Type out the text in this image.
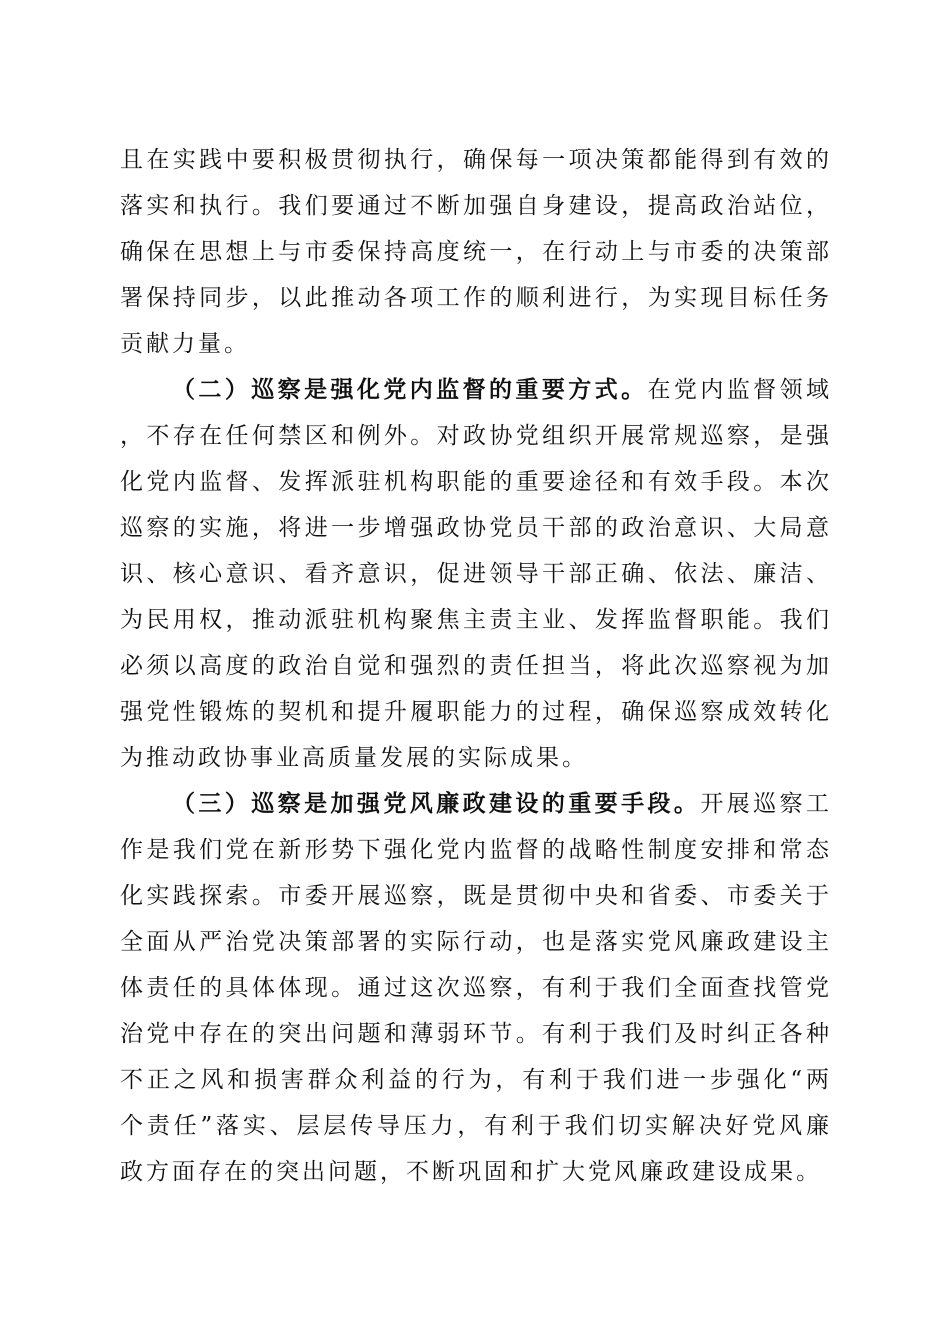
且在实践中要积极贯彻执行，确保每一项决策都能得到有效的落实和执行。我们要通过不断加强自身建设，提高政治站位，确保在思想上与市委保持高度统一，在行动上与市委的决策部署保持同步，以此推动各项工作的顺利进行，为实现目标任务贡献力量。

（二）巡察是强化党内监督的重要方式。在党内监督领域，不存在任何禁区和例外。对政协党组织开展常规巡察，是强化党内监督、发挥派驻机构职能的重要途径和有效手段。本次巡察的实施，将进一步增强政协党员干部的政治意识、大局意识、核心意识、看齐意识，促进领导干部正确、依法、廉洁、为民用权，推动派驻机构聚焦主责主业、发挥监督职能。我们必须以高度的政治自觉和强烈的责任担当，将此次巡察视为加强党性锻炼的契机和提升履职能力的过程，确保巡察成效转化为推动政协事业高质量发展的实际成果。

（三）巡察是加强党风廉政建设的重要手段。开展巡察工作是我们党在新形势下强化党内监督的战略性制度安排和常态化实践探索。市委开展巡察，既是贯彻中央和省委、市委关于全面从严治党决策部署的实际行动，也是落实党风廉政建设主体责任的具体体现。通过这次巡察，有利于我们全面查找管党治党中存在的突出问题和薄弱环节。有利于我们及时纠正各种不正之风和损害群众利益的行为，有利于我们进一步强化“两个责任”落实、层层传导压力，有利于我们切实解决好党风廉政方面存在的突出问题，不断巩固和扩大党风廉政建设成果。
